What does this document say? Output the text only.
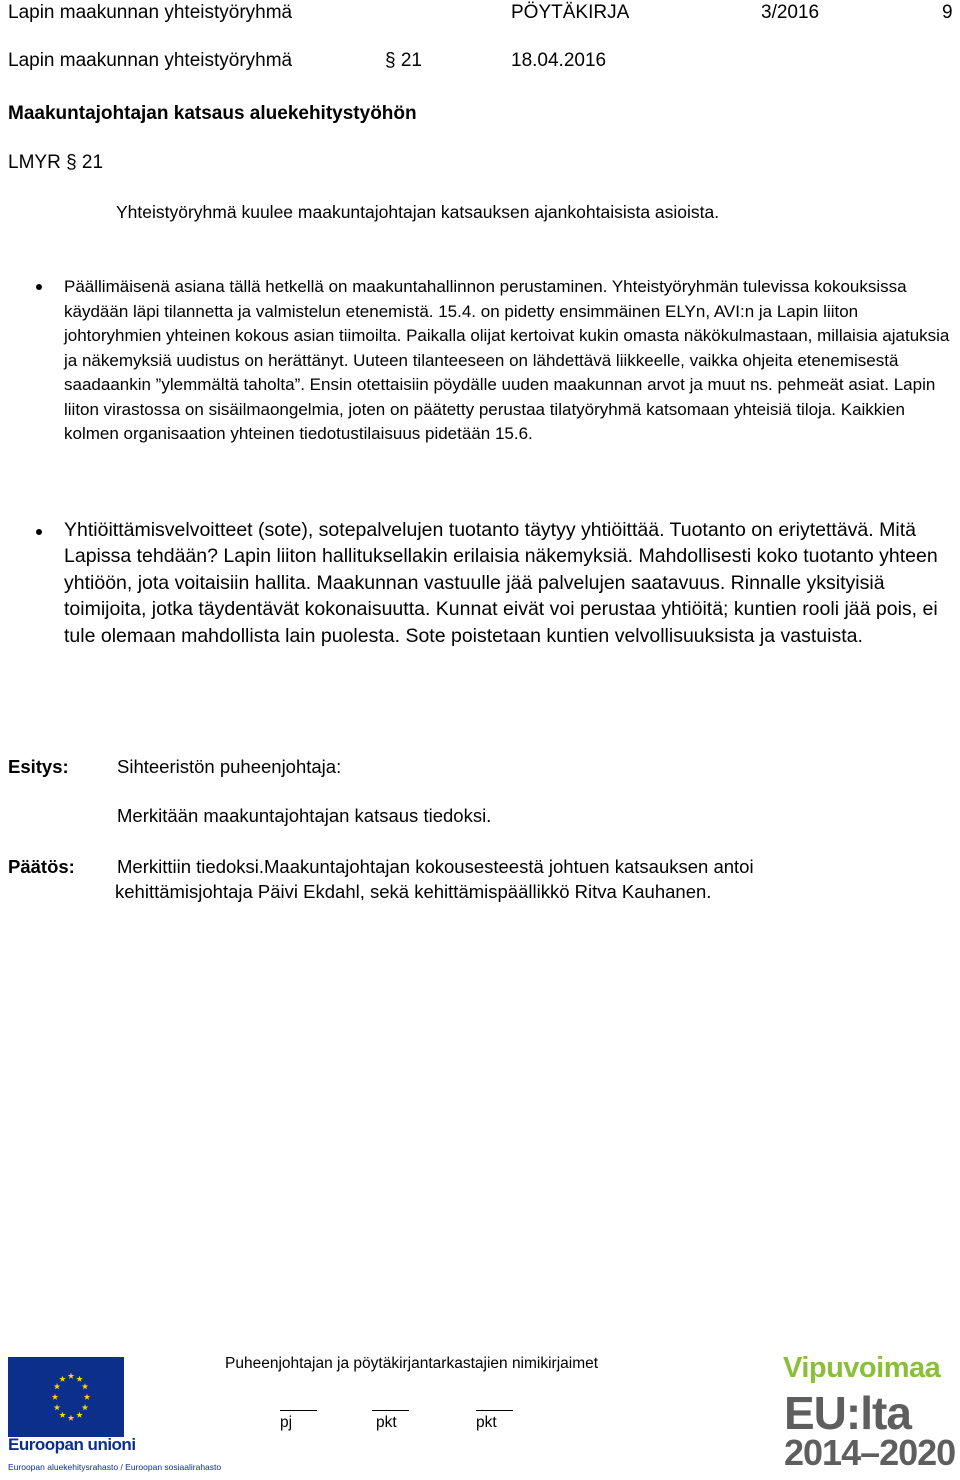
Lapin maakunnan yhteistyöryhmä	PÖYTÄKIRJA	3/2016	9
Lapin maakunnan yhteistyöryhmä	§ 21	18.04.2016
Maakuntajohtajan katsaus aluekehitystyöhön
LMYR § 21
Yhteistyöryhmä kuulee maakuntajohtajan katsauksen ajankohtaisista asioista.
Päällimäisenä asiana tällä hetkellä on maakuntahallinnon perustaminen. Yhteistyöryhmän tulevissa kokouksissa käydään läpi tilannetta ja valmistelun etenemistä. 15.4. on pidetty ensimmäinen ELYn, AVI:n ja Lapin liiton johtoryhmien yhteinen kokous asian tiimoilta. Paikalla olijat kertoivat kukin omasta näkökulmastaan, millaisia ajatuksia ja näkemyksiä uudistus on herättänyt. Uuteen tilanteeseen on lähdettävä liikkeelle, vaikka ohjeita etenemisestä saadaankin ”ylemmältä taholta”. Ensin otettaisiin pöydälle uuden maakunnan arvot ja muut ns. pehmeät asiat. Lapin liiton virastossa on sisäilmaongelmia, joten on päätetty perustaa tilatyöryhmä katsomaan yhteisiä tiloja. Kaikkien kolmen organisaation yhteinen tiedotustilaisuus pidetään 15.6.
Yhtiöittämisvelvoitteet (sote), sotepalvelujen tuotanto täytyy yhtiöittää. Tuotanto on eriytettävä. Mitä Lapissa tehdään? Lapin liiton hallituksellakin erilaisia näkemyksiä. Mahdollisesti koko tuotanto yhteen yhtiöön, jota voitaisiin hallita. Maakunnan vastuulle jää palvelujen saatavuus. Rinnalle yksityisiä toimijoita, jotka täydentävät kokonaisuutta. Kunnat eivät voi perustaa yhtiöitä; kuntien rooli jää pois, ei tule olemaan mahdollista lain puolesta. Sote poistetaan kuntien velvollisuuksista ja vastuista.
Esitys:	Sihteeristön puheenjohtaja:
Merkitään maakuntajohtajan katsaus tiedoksi.
Päätös: Merkittiin tiedoksi.Maakuntajohtajan kokousesteestä johtuen katsauksen antoi
kehittämisjohtaja Päivi Ekdahl, sekä kehittämispäällikkö Ritva Kauhanen.
Euroopan unioni
Euroopan aluekehitysrahasto / Euroopan sosiaalirahasto
Puheenjohtajan ja pöytäkirjantarkastajien nimikirjaimet
pj	pkt	pkt
Vipuvoimaa
EU:lta
2014–2020
